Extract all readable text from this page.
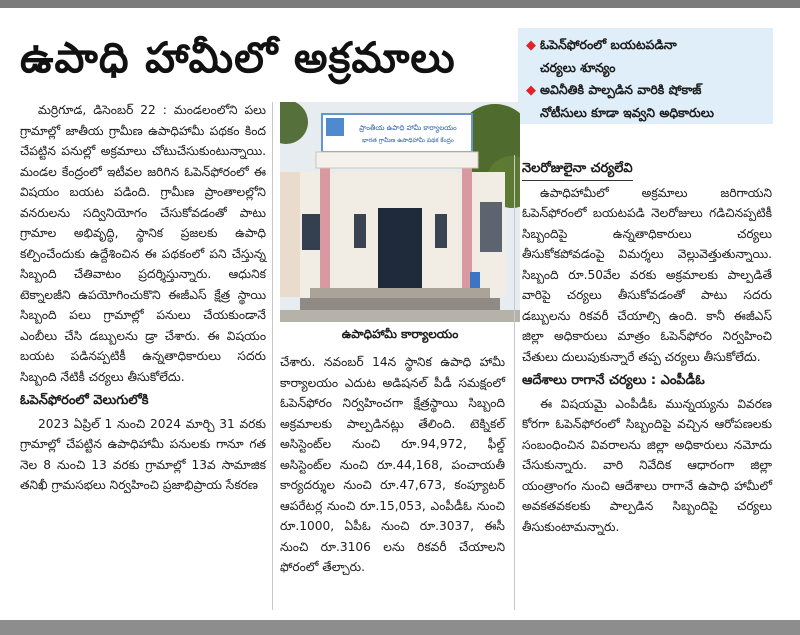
ఉపాధి హామీలో అక్రమాలు	◆ ఓపెన్‌ఫోరంలో బయటపడినా
చర్యలు శూన్యం
◆ అవినీతికి పాల్పడిన వారికి షోకాజ్
నోటీసులు కూడా ఇవ్వని అధికారులు

మర్రిగూడ, డిసెంబర్‌ 22 : మండలంలోని పలు గ్రామాల్లో జాతీయ గ్రామీణ ఉపాధిహామీ పథకం కింద చేపట్టిన పనుల్లో అక్రమాలు చోటుచేసుకుంటున్నాయి. మండల కేంద్రంలో ఇటీవల జరిగిన ఓపెన్‌ఫోరంలో ఈ విషయం బయట పడింది. గ్రామీణ ప్రాంతాలల్లోని వనరులను సద్వినియోగం చేసుకోవడంతో పాటు గ్రామాల అభివృద్ధి, స్థానిక ప్రజలకు ఉపాధి కల్పించేందుకు ఉద్దేశించిన ఈ పథకంలో పని చేస్తున్న సిబ్బంది చేతివాటం ప్రదర్శిస్తున్నారు. ఆధునిక టెక్నాలజీని ఉపయోగించుకొని ఈజీఎస్‌ క్షేత్ర స్థాయి సిబ్బంది పలు గ్రామాల్లో పనులు చేయకుండానే ఎంబీలు చేసి డబ్బులను డ్రా చేశారు. ఈ విషయం బయట పడినప్పటికీ ఉన్నతాధికారులు సదరు సిబ్బంది నేటికీ చర్యలు తీసుకోలేదు.

ఓపెన్‌ఫోరంలో వెలుగులోకి

2023 ఏప్రిల్‌ 1 నుంచి 2024 మార్చి 31 వరకు గ్రామాల్లో చేపట్టిన ఉపాధిహామీ పనులకు గానూ గత నెల 8 నుంచి 13 వరకు గ్రామాల్లో 13వ సామాజిక తనిఖీ గ్రామసభలు నిర్వహించి ప్రజాభిప్రాయ సేకరణ

ప్రాంతీయ ఉపాధి హామీ కార్యాలయం
భారత గ్రామీణ ఉపాధిహామీ పథక కేంద్రం
ఉపాధిహామీ కార్యాలయం

చేశారు. నవంబర్‌ 14న స్థానిక ఉపాధి హామీ కార్యాలయం ఎదుట అడిషనల్‌ పీడీ సమక్షంలో ఓపెన్‌ఫోరం నిర్వహించగా క్షేత్రస్థాయి సిబ్బంది అక్రమాలకు పాల్పడినట్లు తేలింది. టెక్నికల్‌ అసిస్టెంట్‌ల నుంచి రూ.94,972, ఫీల్డ్‌ అసిస్టెంట్‌ల నుంచి రూ.44,168, పంచాయతీ కార్యదర్శుల నుంచి రూ.47,673, కంప్యూటర్‌ ఆపరేటర్ల నుంచి రూ.15,053, ఎంపీడీఓ నుంచి రూ.1000, ఏపీఓ నుంచి రూ.3037, ఈసీ నుంచి రూ.3106 లను రికవరీ చేయాలని ఫోరంలో తేల్చారు.

నెలరోజులైనా చర్యలేవి

ఉపాధిహామీలో అక్రమాలు జరిగాయని ఓపెన్‌ఫోరంలో బయటపడి నెలరోజులు గడిచినప్పటికీ సిబ్బందిపై ఉన్నతాధికారులు చర్యలు తీసుకోకపోవడంపై విమర్శలు వెల్లువెత్తుతున్నాయి. సిబ్బంది రూ.50వేల వరకు అక్రమాలకు పాల్పడితే వారిపై చర్యలు తీసుకోవడంతో పాటు సదరు డబ్బులను రికవరీ చేయాల్సి ఉంది. కానీ ఈజీఎస్‌ జిల్లా అధికారులు మాత్రం ఓపెన్‌ఫోరం నిర్వహించి చేతులు దులుపుకున్నారే తప్ప చర్యలు తీసుకోలేదు.

ఆదేశాలు రాగానే చర్యలు : ఎంపీడీఓ

ఈ విషయమై ఎంపీడీఓ మున్నయ్యను వివరణ కోరగా ఓపెన్‌ఫోరంలో సిబ్బందిపై వచ్చిన ఆరోపణలకు సంబంధించిన వివరాలను జిల్లా అధికారులు నమోదు చేసుకున్నారు. వారి నివేదిక ఆధారంగా జిల్లా యంత్రాంగం నుంచి ఆదేశాలు రాగానే ఉపాధి హామీలో అవకతవకలకు పాల్పడిన సిబ్బందిపై చర్యలు తీసుకుంటామన్నారు.
